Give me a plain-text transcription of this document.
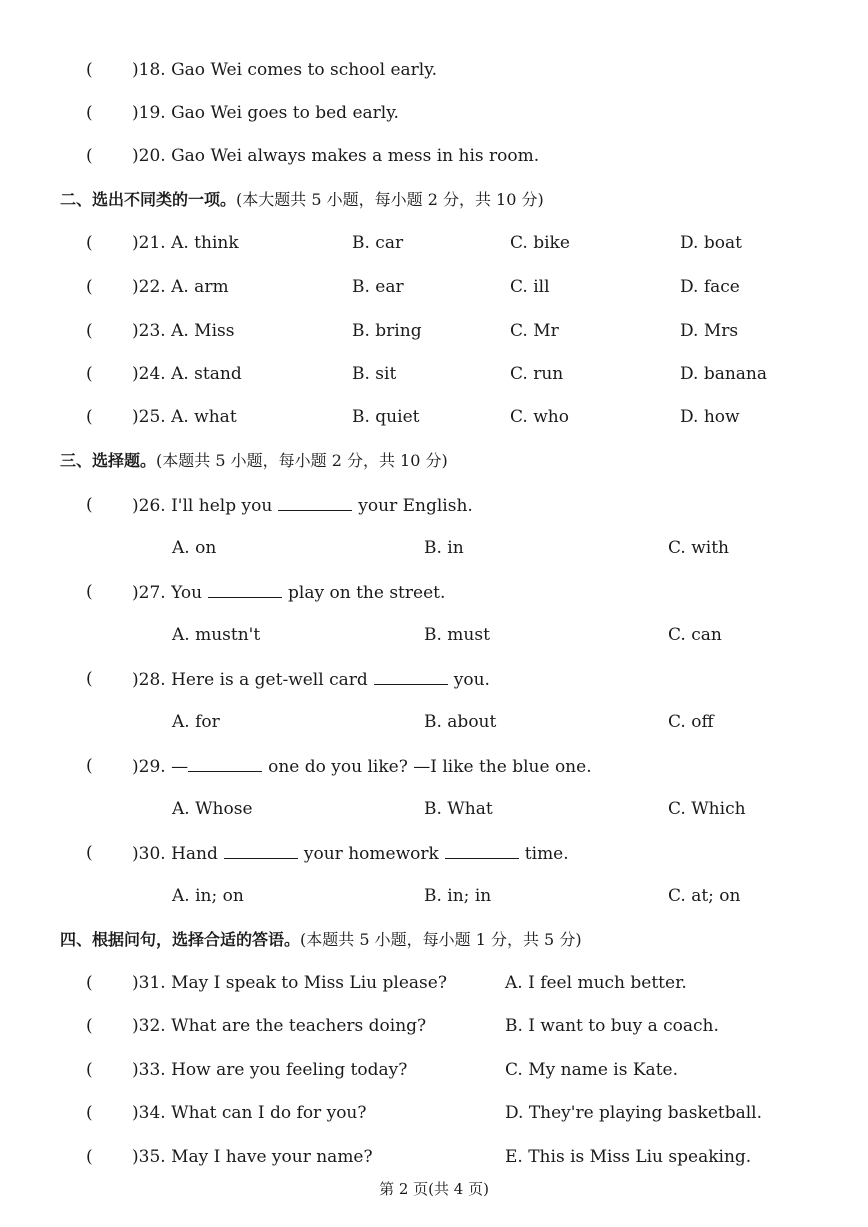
( )18. Gao Wei comes to school early.
( )19. Gao Wei goes to bed early.
( )20. Gao Wei always makes a mess in his room.
二、选出不同类的一项。(本大题共 5 小题，每小题 2 分，共 10 分)
( )21. A. think	B. car	C. bike	D. boat
( )22. A. arm	B. ear	C. ill	D. face
( )23. A. Miss	B. bring	C. Mr	D. Mrs
( )24. A. stand	B. sit	C. run	D. banana
( )25. A. what	B. quiet	C. who	D. how
三、选择题。(本题共 5 小题，每小题 2 分，共 10 分)
( )26. I'll help you	your English.
A. on	B. in	C. with
( )27. You	play on the street.
A. mustn't	B. must	C. can
( )28. Here is a get-well card	you.
A. for	B. about	C. off
( )29. —	one do you like? —I like the blue one.
A. Whose	B. What	C. Which
( )30. Hand	your homework	time.
A. in; on	B. in; in	C. at; on
四、根据问句，选择合适的答语。(本题共 5 小题，每小题 1 分，共 5 分)
( )31. May I speak to Miss Liu please?	A. I feel much better.
( )32. What are the teachers doing?	B. I want to buy a coach.
( )33. How are you feeling today?	C. My name is Kate.
( )34. What can I do for you?	D. They're playing basketball.
( )35. May I have your name?	E. This is Miss Liu speaking.
第 2 页(共 4 页)
